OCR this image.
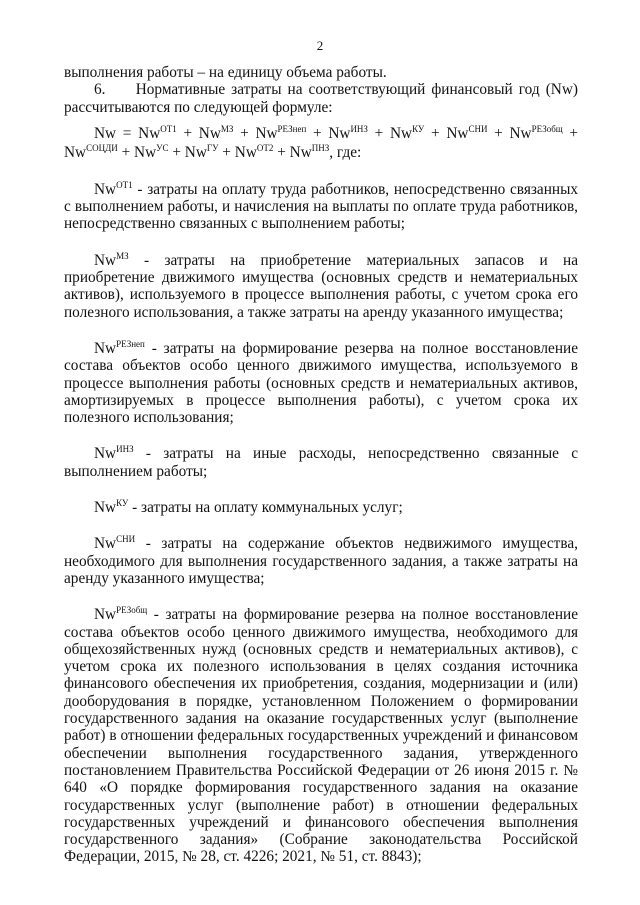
2

выполнения работы – на единицу объема работы.

6. Нормативные затраты на соответствующий финансовый год (Nw) рассчитываются по следующей формуле:

$Nw = Nw^{ОТ1} + Nw^{МЗ} + Nw^{РЕЗнеп} + Nw^{ИНЗ} + Nw^{КУ} + Nw^{СНИ} + Nw^{РЕЗобщ} + Nw^{СОЦДИ} + Nw^{УС} + Nw^{ГУ} + Nw^{ОТ2} + Nw^{ПНЗ}$, где:

$Nw^{ОТ1}$ - затраты на оплату труда работников, непосредственно связанных с выполнением работы, и начисления на выплаты по оплате труда работников, непосредственно связанных с выполнением работы;

$Nw^{МЗ}$ - затраты на приобретение материальных запасов и на приобретение движимого имущества (основных средств и нематериальных активов), используемого в процессе выполнения работы, с учетом срока его полезного использования, а также затраты на аренду указанного имущества;

$Nw^{РЕЗнеп}$ - затраты на формирование резерва на полное восстановление состава объектов особо ценного движимого имущества, используемого в процессе выполнения работы (основных средств и нематериальных активов, амортизируемых в процессе выполнения работы), с учетом срока их полезного использования;

$Nw^{ИНЗ}$ - затраты на иные расходы, непосредственно связанные с выполнением работы;

$Nw^{КУ}$ - затраты на оплату коммунальных услуг;

$Nw^{СНИ}$ - затраты на содержание объектов недвижимого имущества, необходимого для выполнения государственного задания, а также затраты на аренду указанного имущества;

$Nw^{РЕЗобщ}$ - затраты на формирование резерва на полное восстановление состава объектов особо ценного движимого имущества, необходимого для общехозяйственных нужд (основных средств и нематериальных активов), с учетом срока их полезного использования в целях создания источника финансового обеспечения их приобретения, создания, модернизации и (или) дооборудования в порядке, установленном Положением о формировании государственного задания на оказание государственных услуг (выполнение работ) в отношении федеральных государственных учреждений и финансовом обеспечении выполнения государственного задания, утвержденного постановлением Правительства Российской Федерации от 26 июня 2015 г. № 640 «О порядке формирования государственного задания на оказание государственных услуг (выполнение работ) в отношении федеральных государственных учреждений и финансового обеспечения выполнения государственного задания» (Собрание законодательства Российской Федерации, 2015, № 28, ст. 4226; 2021, № 51, ст. 8843);
